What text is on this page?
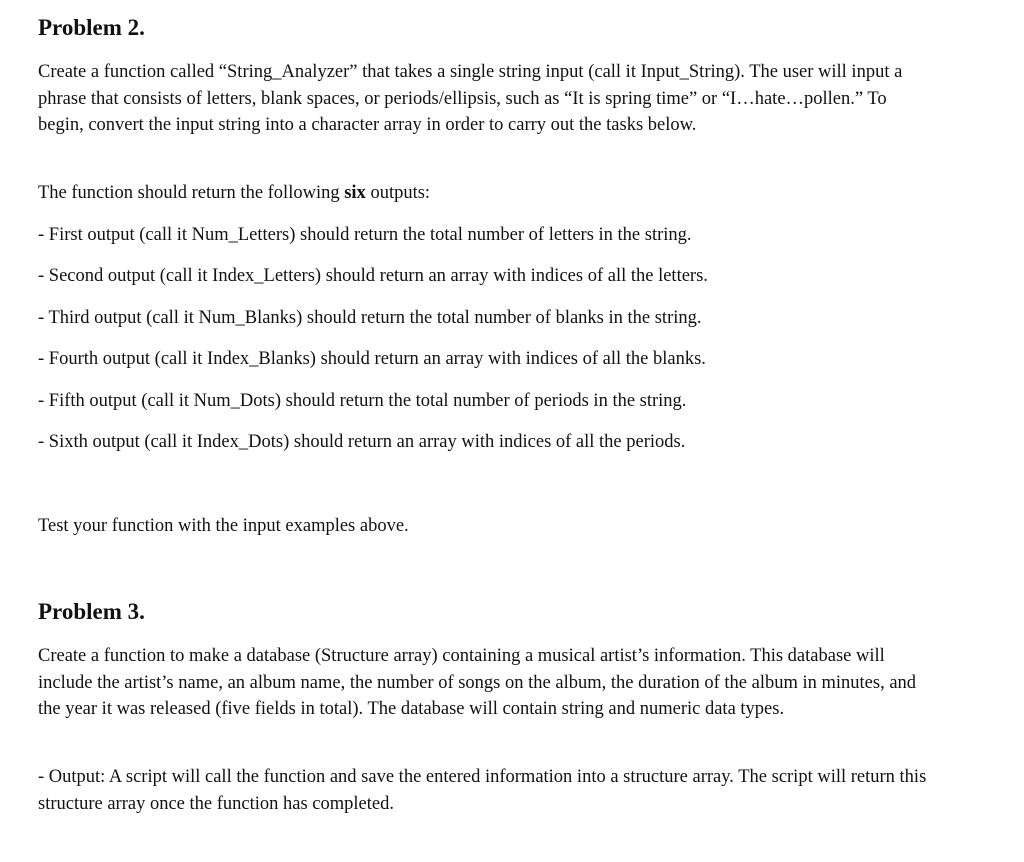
Problem 2.

Create a function called “String_Analyzer” that takes a single string input (call it Input_String). The user will input a phrase that consists of letters, blank spaces, or periods/ellipsis, such as “It is spring time” or “I…hate…pollen.” To begin, convert the input string into a character array in order to carry out the tasks below.

The function should return the following six outputs:

- First output (call it Num_Letters) should return the total number of letters in the string.

- Second output (call it Index_Letters) should return an array with indices of all the letters.

- Third output (call it Num_Blanks) should return the total number of blanks in the string.

- Fourth output (call it Index_Blanks) should return an array with indices of all the blanks.

- Fifth output (call it Num_Dots) should return the total number of periods in the string.

- Sixth output (call it Index_Dots) should return an array with indices of all the periods.

Test your function with the input examples above.

Problem 3.

Create a function to make a database (Structure array) containing a musical artist’s information. This database will include the artist’s name, an album name, the number of songs on the album, the duration of the album in minutes, and the year it was released (five fields in total). The database will contain string and numeric data types.

- Output: A script will call the function and save the entered information into a structure array. The script will return this structure array once the function has completed.
